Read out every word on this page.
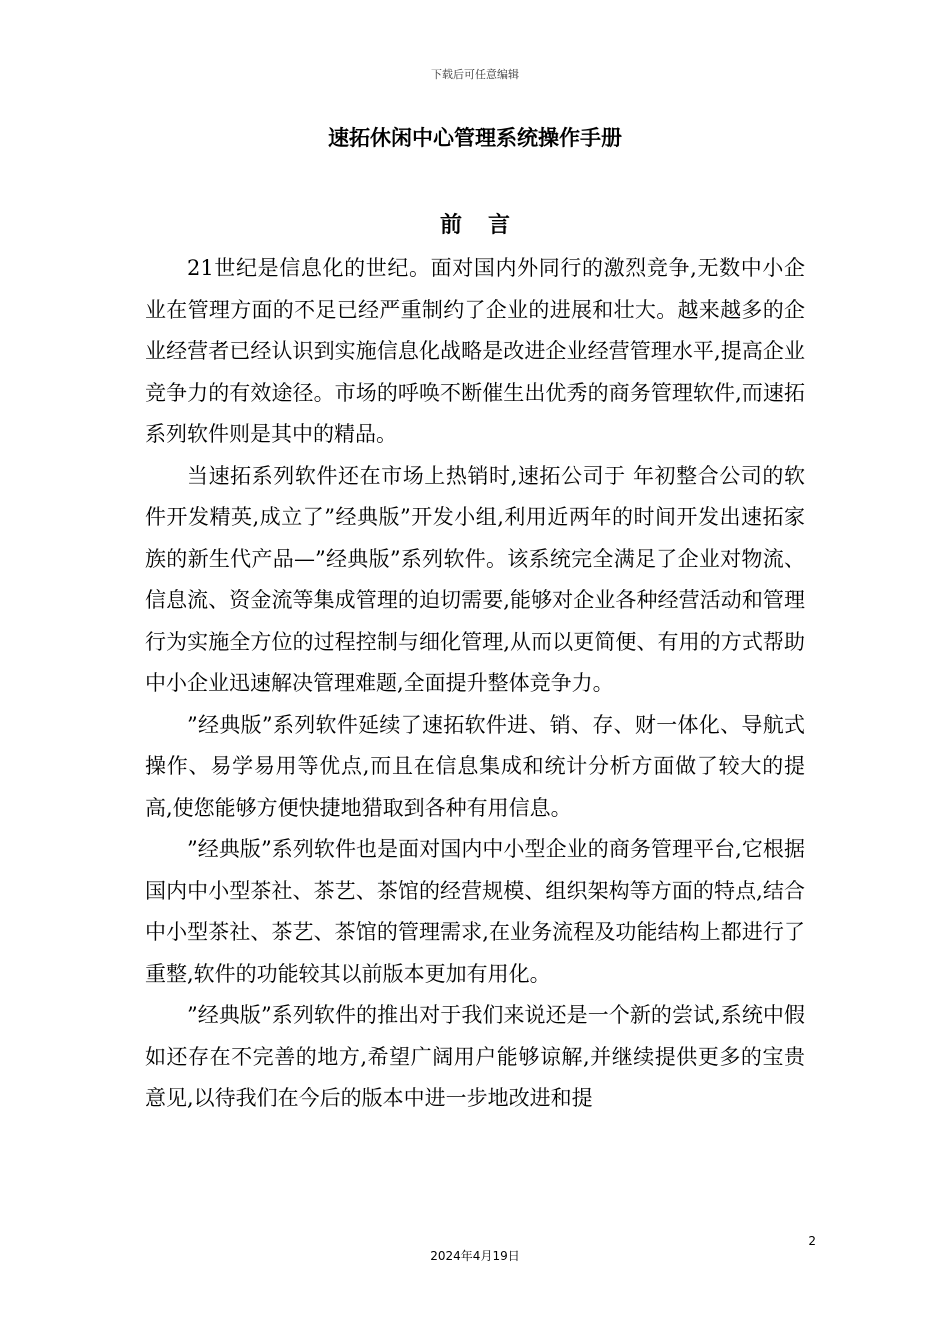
下载后可任意编辑
速拓休闲中心管理系统操作手册
前言

21世纪是信息化的世纪。面对国内外同行的激烈竞争,无数中小企业在管理方面的不足已经严重制约了企业的进展和壮大。越来越多的企业经营者已经认识到实施信息化战略是改进企业经营管理水平,提高企业竞争力的有效途径。市场的呼唤不断催生出优秀的商务管理软件,而速拓系列软件则是其中的精品。

当速拓系列软件还在市场上热销时,速拓公司于 年初整合公司的软件开发精英,成立了”经典版”开发小组,利用近两年的时间开发出速拓家族的新生代产品—”经典版”系列软件。该系统完全满足了企业对物流、信息流、资金流等集成管理的迫切需要,能够对企业各种经营活动和管理行为实施全方位的过程控制与细化管理,从而以更简便、有用的方式帮助中小企业迅速解决管理难题,全面提升整体竞争力。

”经典版”系列软件延续了速拓软件进、销、存、财一体化、导航式操作、易学易用等优点,而且在信息集成和统计分析方面做了较大的提高,使您能够方便快捷地猎取到各种有用信息。

”经典版”系列软件也是面对国内中小型企业的商务管理平台,它根据国内中小型茶社、茶艺、茶馆的经营规模、组织架构等方面的特点,结合中小型茶社、茶艺、茶馆的管理需求,在业务流程及功能结构上都进行了重整,软件的功能较其以前版本更加有用化。

”经典版”系列软件的推出对于我们来说还是一个新的尝试,系统中假如还存在不完善的地方,希望广阔用户能够谅解,并继续提供更多的宝贵意见,以待我们在今后的版本中进一步地改进和提

2
2024年4月19日
